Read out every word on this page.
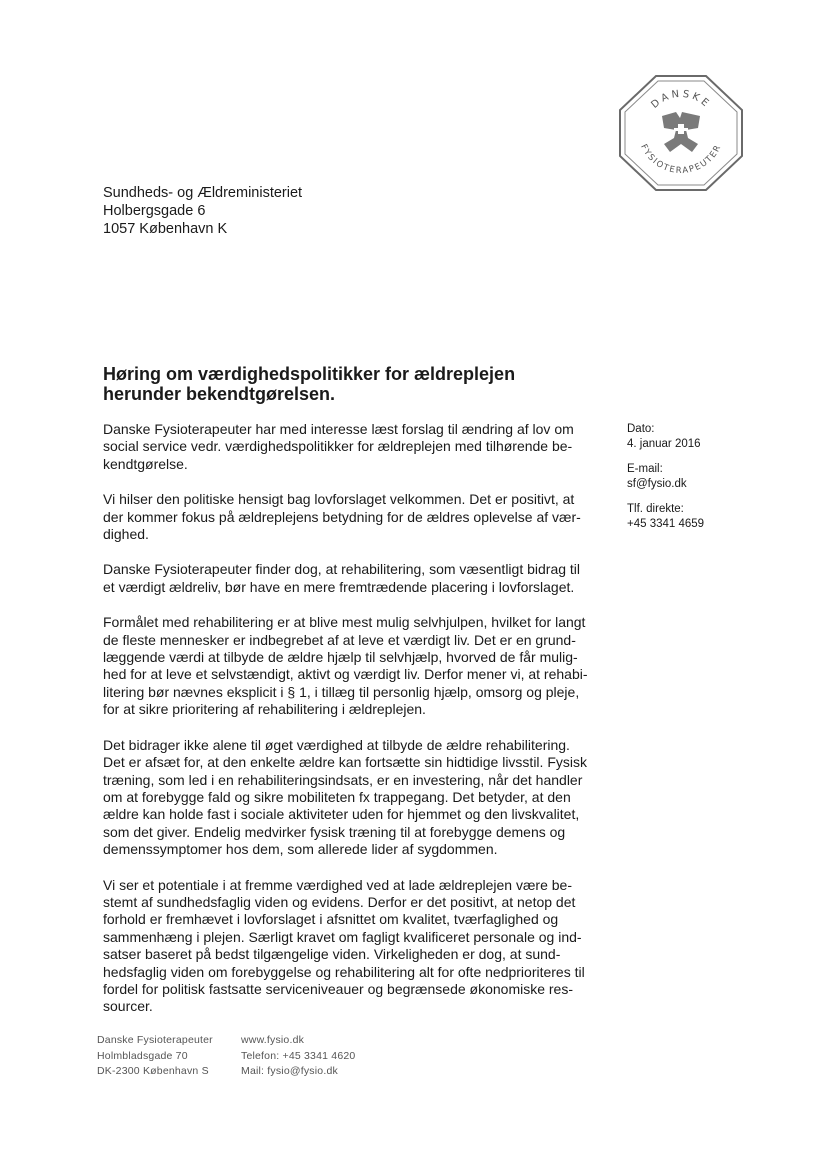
DANSKE
FYSIOTERAPEUTER
Sundheds- og Ældreministeriet
Holbergsgade 6
1057 København K
Høring om værdighedspolitikker for ældreplejen
herunder bekendtgørelsen.

Danske Fysioterapeuter har med interesse læst forslag til ændring af lov om
social service vedr. værdighedspolitikker for ældreplejen med tilhørende be-
kendtgørelse.

Vi hilser den politiske hensigt bag lovforslaget velkommen. Det er positivt, at
der kommer fokus på ældreplejens betydning for de ældres oplevelse af vær-
dighed.

Danske Fysioterapeuter finder dog, at rehabilitering, som væsentligt bidrag til
et værdigt ældreliv, bør have en mere fremtrædende placering i lovforslaget.

Formålet med rehabilitering er at blive mest mulig selvhjulpen, hvilket for langt
de fleste mennesker er indbegrebet af at leve et værdigt liv. Det er en grund-
læggende værdi at tilbyde de ældre hjælp til selvhjælp, hvorved de får mulig-
hed for at leve et selvstændigt, aktivt og værdigt liv. Derfor mener vi, at rehabi-
litering bør nævnes eksplicit i § 1, i tillæg til personlig hjælp, omsorg og pleje,
for at sikre prioritering af rehabilitering i ældreplejen.

Det bidrager ikke alene til øget værdighed at tilbyde de ældre rehabilitering.
Det er afsæt for, at den enkelte ældre kan fortsætte sin hidtidige livsstil. Fysisk
træning, som led i en rehabiliteringsindsats, er en investering, når det handler
om at forebygge fald og sikre mobiliteten fx trappegang. Det betyder, at den
ældre kan holde fast i sociale aktiviteter uden for hjemmet og den livskvalitet,
som det giver. Endelig medvirker fysisk træning til at forebygge demens og
demenssymptomer hos dem, som allerede lider af sygdommen.

Vi ser et potentiale i at fremme værdighed ved at lade ældreplejen være be-
stemt af sundhedsfaglig viden og evidens. Derfor er det positivt, at netop det
forhold er fremhævet i lovforslaget i afsnittet om kvalitet, tværfaglighed og
sammenhæng i plejen. Særligt kravet om fagligt kvalificeret personale og ind-
satser baseret på bedst tilgængelige viden. Virkeligheden er dog, at sund-
hedsfaglig viden om forebyggelse og rehabilitering alt for ofte nedprioriteres til
fordel for politisk fastsatte serviceniveauer og begrænsede økonomiske res-
sourcer.

Dato:
4. januar 2016
E-mail:
sf@fysio.dk
Tlf. direkte:
+45 3341 4659
Danske Fysioterapeuter
Holmbladsgade 70
DK-2300 København S
www.fysio.dk
Telefon: +45 3341 4620
Mail: fysio@fysio.dk
